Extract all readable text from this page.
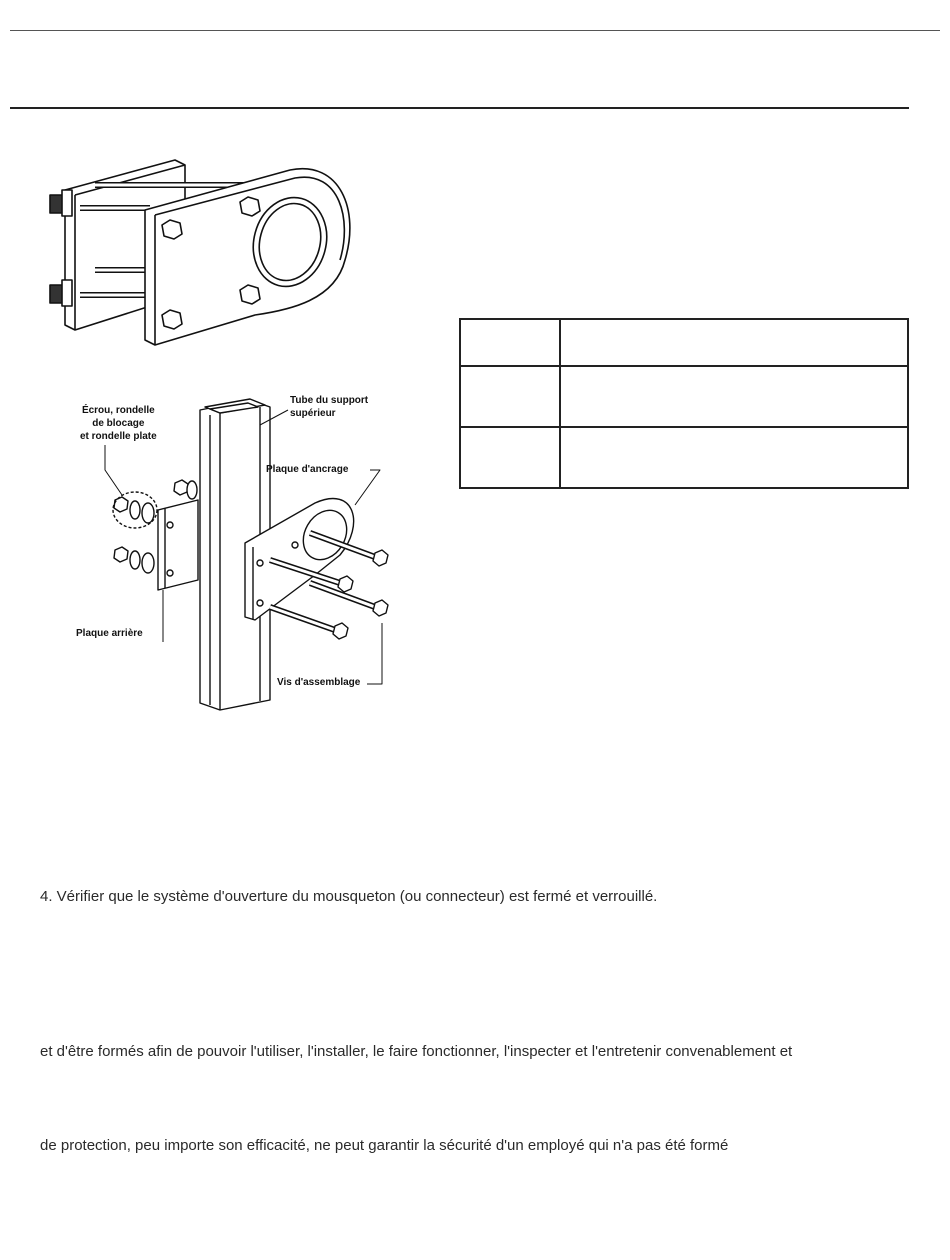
Tube du support
supérieur
Écrou, rondelle
de blocage
et rondelle plate
Plaque d'ancrage
Plaque arrière
Vis d'assemblage

4. Vérifier que le système d'ouverture du mousqueton (ou connecteur) est fermé et verrouillé.
et d'être formés afin de pouvoir l'utiliser, l'installer, le faire fonctionner, l'inspecter et l'entretenir convenablement et
de protection, peu importe son efficacité, ne peut garantir la sécurité d'un employé qui n'a pas été formé
